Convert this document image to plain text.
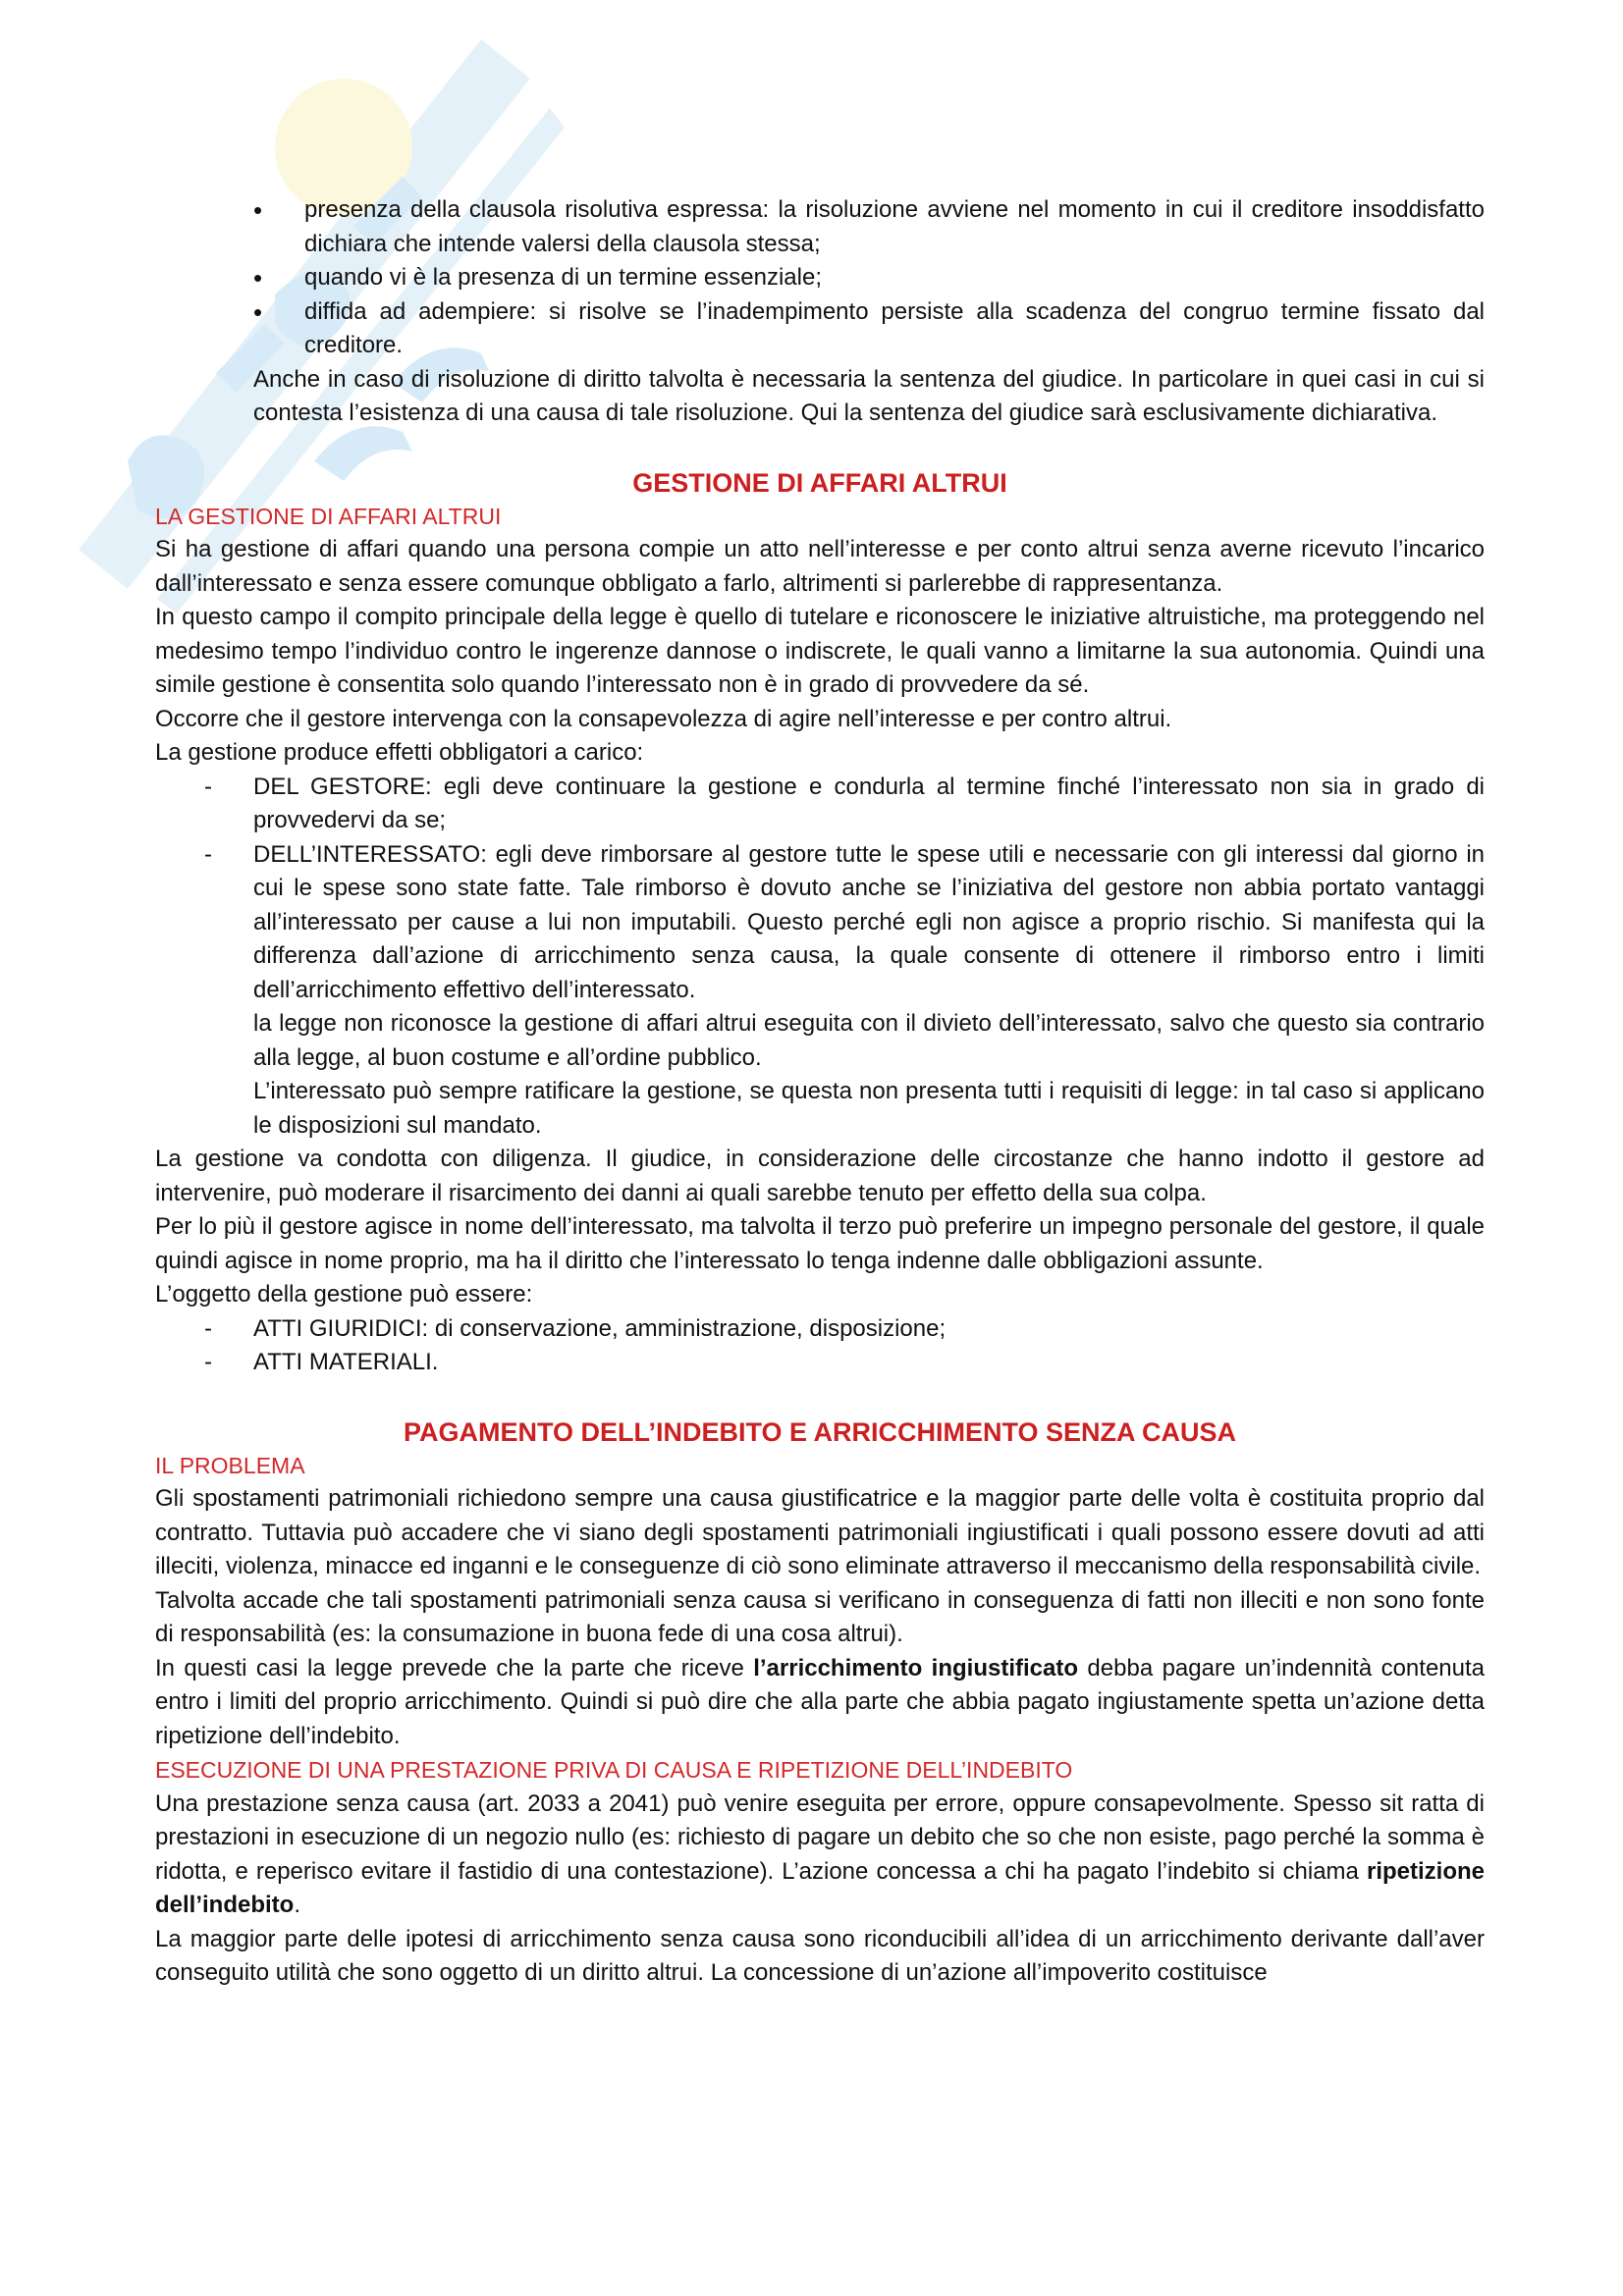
• presenza della clausola risolutiva espressa: la risoluzione avviene nel momento in cui il creditore insoddisfatto dichiara che intende valersi della clausola stessa;
• quando vi è la presenza di un termine essenziale;
• diffida ad adempiere: si risolve se l’inadempimento persiste alla scadenza del congruo termine fissato dal creditore.

Anche in caso di risoluzione di diritto talvolta è necessaria la sentenza del giudice. In particolare in quei casi in cui si contesta l’esistenza di una causa di tale risoluzione. Qui la sentenza del giudice sarà esclusivamente dichiarativa.

GESTIONE DI AFFARI ALTRUI
LA GESTIONE DI AFFARI ALTRUI

Si ha gestione di affari quando una persona compie un atto nell’interesse e per conto altrui senza averne ricevuto l’incarico dall’interessato e senza essere comunque obbligato a farlo, altrimenti si parlerebbe di rappresentanza.

In questo campo il compito principale della legge è quello di tutelare e riconoscere le iniziative altruistiche, ma proteggendo nel medesimo tempo l’individuo contro le ingerenze dannose o indiscrete, le quali vanno a limitarne la sua autonomia. Quindi una simile gestione è consentita solo quando l’interessato non è in grado di provvedere da sé.

Occorre che il gestore intervenga con la consapevolezza di agire nell’interesse e per contro altrui.

La gestione produce effetti obbligatori a carico:

- DEL GESTORE: egli deve continuare la gestione e condurla al termine finché l’interessato non sia in grado di provvedervi da se;
- DELL’INTERESSATO: egli deve rimborsare al gestore tutte le spese utili e necessarie con gli interessi dal giorno in cui le spese sono state fatte. Tale rimborso è dovuto anche se l’iniziativa del gestore non abbia portato vantaggi all’interessato per cause a lui non imputabili. Questo perché egli non agisce a proprio rischio. Si manifesta qui la differenza dall’azione di arricchimento senza causa, la quale consente di ottenere il rimborso entro i limiti dell’arricchimento effettivo dell’interessato.

la legge non riconosce la gestione di affari altrui eseguita con il divieto dell’interessato, salvo che questo sia contrario alla legge, al buon costume e all’ordine pubblico.

L’interessato può sempre ratificare la gestione, se questa non presenta tutti i requisiti di legge: in tal caso si applicano le disposizioni sul mandato.

La gestione va condotta con diligenza. Il giudice, in considerazione delle circostanze che hanno indotto il gestore ad intervenire, può moderare il risarcimento dei danni ai quali sarebbe tenuto per effetto della sua colpa.

Per lo più il gestore agisce in nome dell’interessato, ma talvolta il terzo può preferire un impegno personale del gestore, il quale quindi agisce in nome proprio, ma ha il diritto che l’interessato lo tenga indenne dalle obbligazioni assunte.

L’oggetto della gestione può essere:

- ATTI GIURIDICI: di conservazione, amministrazione, disposizione;
- ATTI MATERIALI.
PAGAMENTO DELL’INDEBITO E ARRICCHIMENTO SENZA CAUSA
IL PROBLEMA

Gli spostamenti patrimoniali richiedono sempre una causa giustificatrice e la maggior parte delle volta è costituita proprio dal contratto. Tuttavia può accadere che vi siano degli spostamenti patrimoniali ingiustificati i quali possono essere dovuti ad atti illeciti, violenza, minacce ed inganni e le conseguenze di ciò sono eliminate attraverso il meccanismo della responsabilità civile.

Talvolta accade che tali spostamenti patrimoniali senza causa si verificano in conseguenza di fatti non illeciti e non sono fonte di responsabilità (es: la consumazione in buona fede di una cosa altrui).

In questi casi la legge prevede che la parte che riceve l’arricchimento ingiustificato debba pagare un’indennità contenuta entro i limiti del proprio arricchimento. Quindi si può dire che alla parte che abbia pagato ingiustamente spetta un’azione detta ripetizione dell’indebito.

ESECUZIONE DI UNA PRESTAZIONE PRIVA DI CAUSA E RIPETIZIONE DELL’INDEBITO

Una prestazione senza causa (art. 2033 a 2041) può venire eseguita per errore, oppure consapevolmente. Spesso sit ratta di prestazioni in esecuzione di un negozio nullo (es: richiesto di pagare un debito che so che non esiste, pago perché la somma è ridotta, e reperisco evitare il fastidio di una contestazione). L’azione concessa a chi ha pagato l’indebito si chiama ripetizione dell’indebito.

La maggior parte delle ipotesi di arricchimento senza causa sono riconducibili all’idea di un arricchimento derivante dall’aver conseguito utilità che sono oggetto di un diritto altrui. La concessione di un’azione all’impoverito costituisce
